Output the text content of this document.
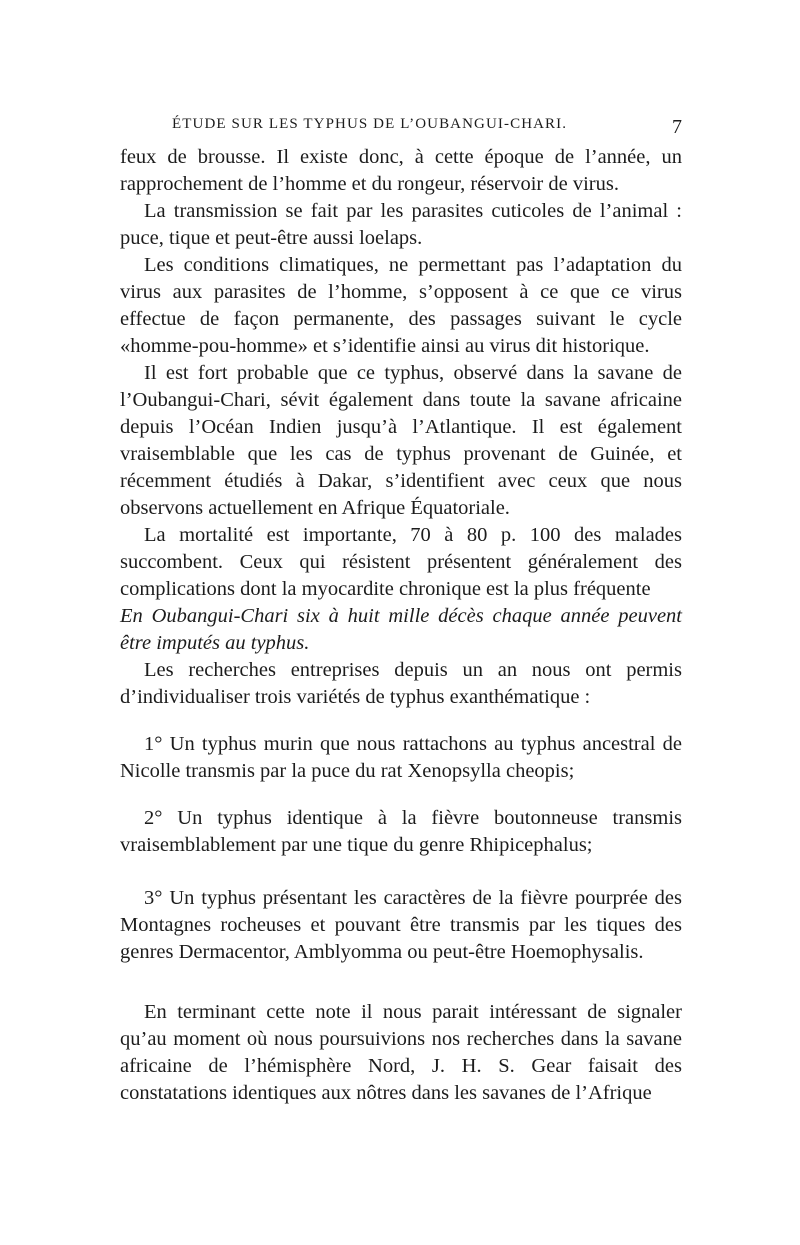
ÉTUDE SUR LES TYPHUS DE L’OUBANGUI-CHARI.	7

feux de brousse. Il existe donc, à cette époque de l’année, un rapprochement de l’homme et du rongeur, réservoir de virus.

La transmission se fait par les parasites cuticoles de l’animal : puce, tique et peut-être aussi loelaps.

Les conditions climatiques, ne permettant pas l’adaptation du virus aux parasites de l’homme, s’opposent à ce que ce virus effectue de façon permanente, des passages suivant le cycle «homme-pou-homme» et s’identifie ainsi au virus dit historique.

Il est fort probable que ce typhus, observé dans la savane de l’Oubangui-Chari, sévit également dans toute la savane africaine depuis l’Océan Indien jusqu’à l’Atlantique. Il est également vraisemblable que les cas de typhus provenant de Guinée, et récemment étudiés à Dakar, s’identifient avec ceux que nous observons actuellement en Afrique Équatoriale.

La mortalité est importante, 70 à 80 p. 100 des malades succombent. Ceux qui résistent présentent généralement des complications dont la myocardite chronique est la plus fréquente

En Oubangui-Chari six à huit mille décès chaque année peuvent être imputés au typhus.

Les recherches entreprises depuis un an nous ont permis d’individualiser trois variétés de typhus exanthématique :

1° Un typhus murin que nous rattachons au typhus ancestral de Nicolle transmis par la puce du rat Xenopsylla cheopis;

2° Un typhus identique à la fièvre boutonneuse transmis vraisemblablement par une tique du genre Rhipicephalus;

3° Un typhus présentant les caractères de la fièvre pourprée des Montagnes rocheuses et pouvant être transmis par les tiques des genres Dermacentor, Amblyomma ou peut-être Hoemophysalis.

En terminant cette note il nous parait intéressant de signaler qu’au moment où nous poursuivions nos recherches dans la savane africaine de l’hémisphère Nord, J. H. S. Gear faisait des constatations identiques aux nôtres dans les savanes de l’Afrique
